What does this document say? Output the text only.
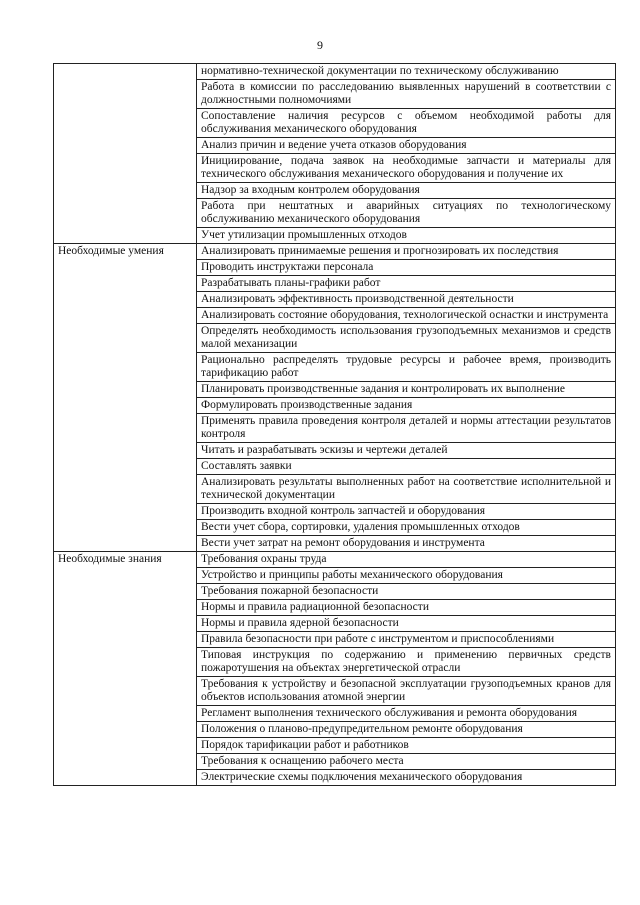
9
	нормативно-технической документации по техническому обслуживанию
	Работа в комиссии по расследованию выявленных нарушений в соответствии с должностными полномочиями
	Сопоставление наличия ресурсов с объемом необходимой работы для обслуживания механического оборудования
	Анализ причин и ведение учета отказов оборудования
	Инициирование, подача заявок на необходимые запчасти и материалы для технического обслуживания механического оборудования и получение их
	Надзор за входным контролем оборудования
	Работа при нештатных и аварийных ситуациях по технологическому обслуживанию механического оборудования
	Учет утилизации промышленных отходов
Необходимые умения	Анализировать принимаемые решения и прогнозировать их последствия
	Проводить инструктажи персонала
	Разрабатывать планы-графики работ
	Анализировать эффективность производственной деятельности
	Анализировать состояние оборудования, технологической оснастки и инструмента
	Определять необходимость использования грузоподъемных механизмов и средств малой механизации
	Рационально распределять трудовые ресурсы и рабочее время, производить тарификацию работ
	Планировать производственные задания и контролировать их выполнение
	Формулировать производственные задания
	Применять правила проведения контроля деталей и нормы аттестации результатов контроля
	Читать и разрабатывать эскизы и чертежи деталей
	Составлять заявки
	Анализировать результаты выполненных работ на соответствие исполнительной и технической документации
	Производить входной контроль запчастей и оборудования
	Вести учет сбора, сортировки, удаления промышленных отходов
	Вести учет затрат на ремонт оборудования и инструмента
Необходимые знания	Требования охраны труда
	Устройство и принципы работы механического оборудования
	Требования пожарной безопасности
	Нормы и правила радиационной безопасности
	Нормы и правила ядерной безопасности
	Правила безопасности при работе с инструментом и приспособлениями
	Типовая инструкция по содержанию и применению первичных средств пожаротушения на объектах энергетической отрасли
	Требования к устройству и безопасной эксплуатации грузоподъемных кранов для объектов использования атомной энергии
	Регламент выполнения технического обслуживания и ремонта оборудования
	Положения о планово-предупредительном ремонте оборудования
	Порядок тарификации работ и работников
	Требования к оснащению рабочего места
	Электрические схемы подключения механического оборудования
